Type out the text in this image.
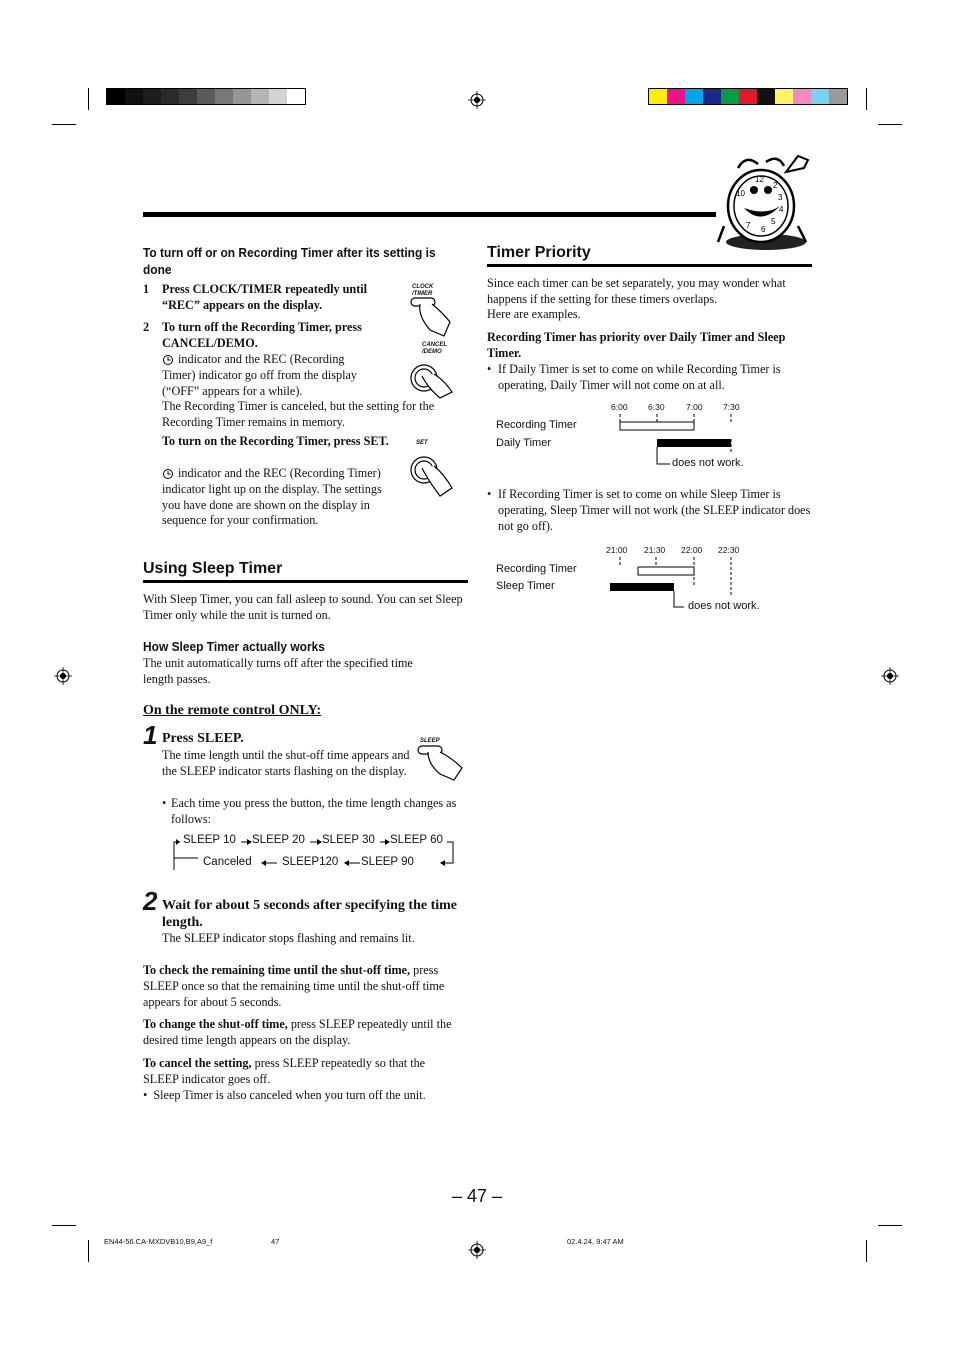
12
2
3
4
5
6
7
10
To turn off or on Recording Timer after its setting is done
1 Press CLOCK/TIMER repeatedly until “REC” appears on the display.
2 To turn off the Recording Timer, press CANCEL/DEMO.
indicator and the REC (Recording Timer) indicator go off from the display (“OFF” appears for a while).
The Recording Timer is canceled, but the setting for the Recording Timer remains in memory.
To turn on the Recording Timer, press SET.
indicator and the REC (Recording Timer) indicator light up on the display. The settings you have done are shown on the display in sequence for your confirmation.
CLOCK
/TIMER
CANCEL
/DEMO
SET
Using Sleep Timer
With Sleep Timer, you can fall asleep to sound. You can set Sleep Timer only while the unit is turned on.
How Sleep Timer actually works
The unit automatically turns off after the specified time length passes.
On the remote control ONLY:
1 Press SLEEP.
The time length until the shut-off time appears and the SLEEP indicator starts flashing on the display.
• Each time you press the button, the time length changes as follows:
SLEEP
SLEEP 10 SLEEP 20 SLEEP 30 SLEEP 60
Canceled	SLEEP120 SLEEP 90
2 Wait for about 5 seconds after specifying the time length.
The SLEEP indicator stops flashing and remains lit.
To check the remaining time until the shut-off time, press SLEEP once so that the remaining time until the shut-off time appears for about 5 seconds.
To change the shut-off time, press SLEEP repeatedly until the desired time length appears on the display.
To cancel the setting, press SLEEP repeatedly so that the SLEEP indicator goes off.
•  Sleep Timer is also canceled when you turn off the unit.
Timer Priority
Since each timer can be set separately, you may wonder what happens if the setting for these timers overlaps.
Here are examples.
Recording Timer has priority over Daily Timer and Sleep Timer.
• If Daily Timer is set to come on while Recording Timer is operating, Daily Timer will not come on at all.
6:00 6:30	7:00 7:30
Recording Timer
Daily Timer
does not work.
• If Recording Timer is set to come on while Sleep Timer is operating, Sleep Timer will not work (the SLEEP indicator does not go off).
21:00 21:30 22:00 22:30
Recording Timer
Sleep Timer
does not work.
– 47 –
EN44-56.CA-MXDVB10,B9,A9_f	47	02.4.24, 9:47 AM
